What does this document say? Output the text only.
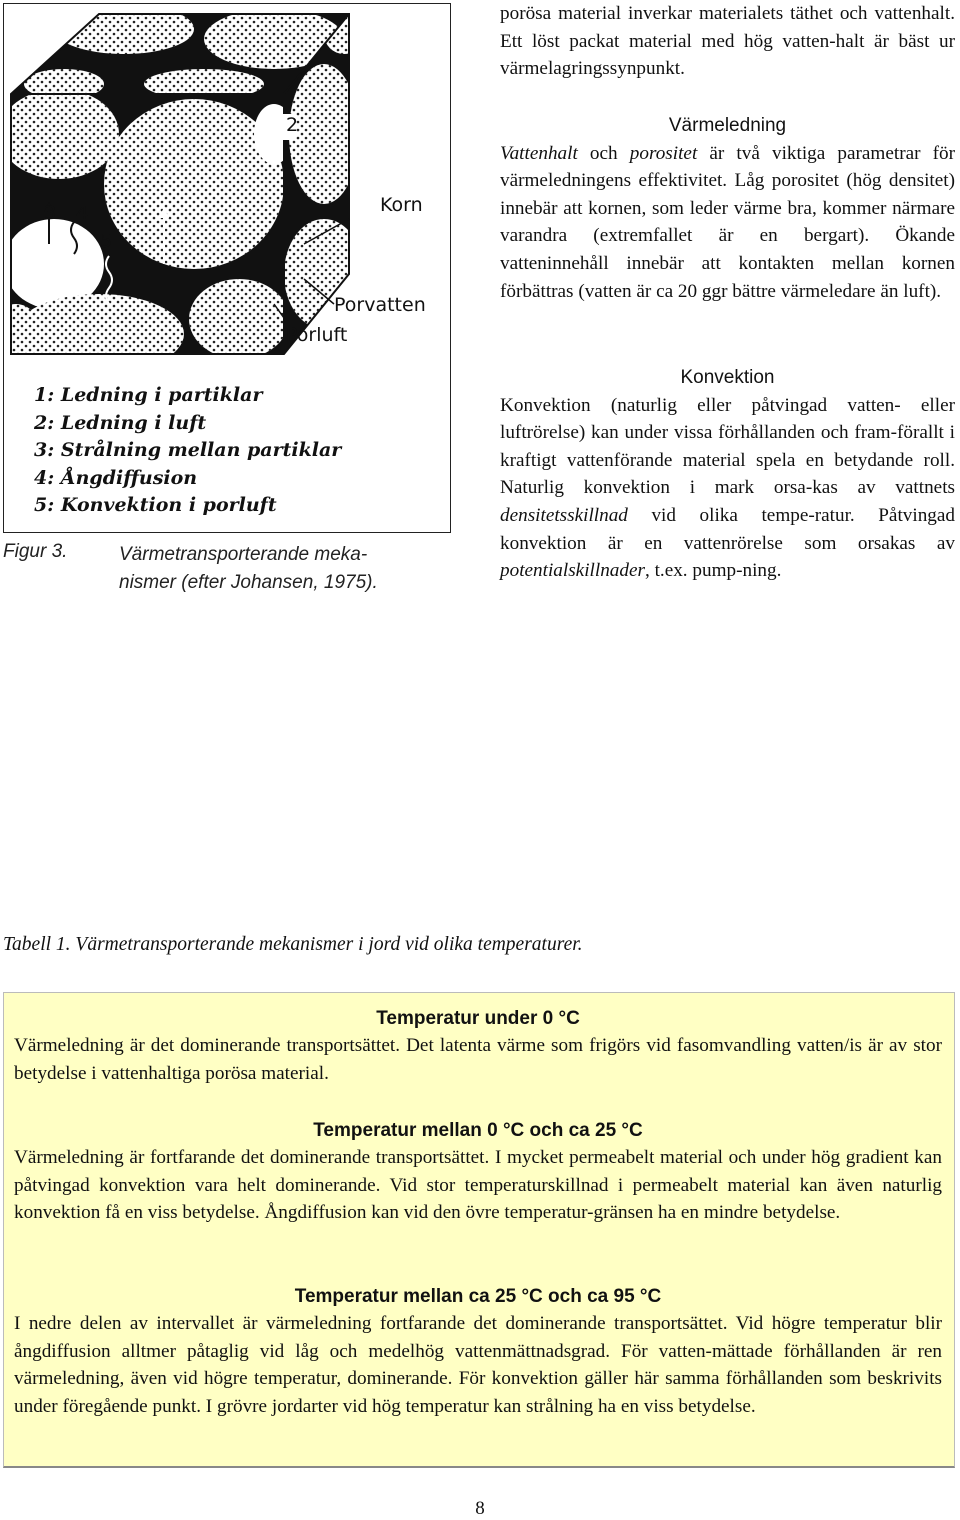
2
3 4
5
Korn
Porvatten
Porluft
1: Ledning i partiklar
2: Ledning i luft
3: Strålning mellan partiklar
4: Ångdiffusion
5: Konvektion i porluft
Figur 3.	Värmetransporterande meka-nismer (efter Johansen, 1975).

porösa material inverkar materialets täthet och vattenhalt. Ett löst packat material med hög vatten-halt är bäst ur värmelagringssynpunkt.

Värmeledning

Vattenhalt och porositet är två viktiga parametrar för värmeledningens effektivitet. Låg porositet (hög densitet) innebär att kornen, som leder värme bra, kommer närmare varandra (extremfallet är en bergart). Ökande vatteninnehåll innebär att kontakten mellan kornen förbättras (vatten är ca 20 ggr bättre värmeledare än luft).

Konvektion

Konvektion (naturlig eller påtvingad vatten- eller luftrörelse) kan under vissa förhållanden och fram-förallt i kraftigt vattenförande material spela en betydande roll. Naturlig konvektion i mark orsa-kas av vattnets densitetsskillnad vid olika tempe-ratur. Påtvingad konvektion är en vattenrörelse som orsakas av potentialskillnader, t.ex. pump-ning.

Tabell 1. Värmetransporterande mekanismer i jord vid olika temperaturer.
Temperatur under 0 °C

Värmeledning är det dominerande transportsättet. Det latenta värme som frigörs vid fasomvandling vatten/is är av stor betydelse i vattenhaltiga porösa material.

Temperatur mellan 0 °C och ca 25 °C

Värmeledning är fortfarande det dominerande transportsättet. I mycket permeabelt material och under hög gradient kan påtvingad konvektion vara helt dominerande. Vid stor temperaturskillnad i permeabelt material kan även naturlig konvektion få en viss betydelse. Ångdiffusion kan vid den övre temperatur-gränsen ha en mindre betydelse.

Temperatur mellan ca 25 °C och ca 95 °C

I nedre delen av intervallet är värmeledning fortfarande det dominerande transportsättet. Vid högre temperatur blir ångdiffusion alltmer påtaglig vid låg och medelhög vattenmättnadsgrad. För vatten-mättade förhållanden är ren värmeledning, även vid högre temperatur, dominerande. För konvektion gäller här samma förhållanden som beskrivits under föregående punkt. I grövre jordarter vid hög temperatur kan strålning ha en viss betydelse.

8
